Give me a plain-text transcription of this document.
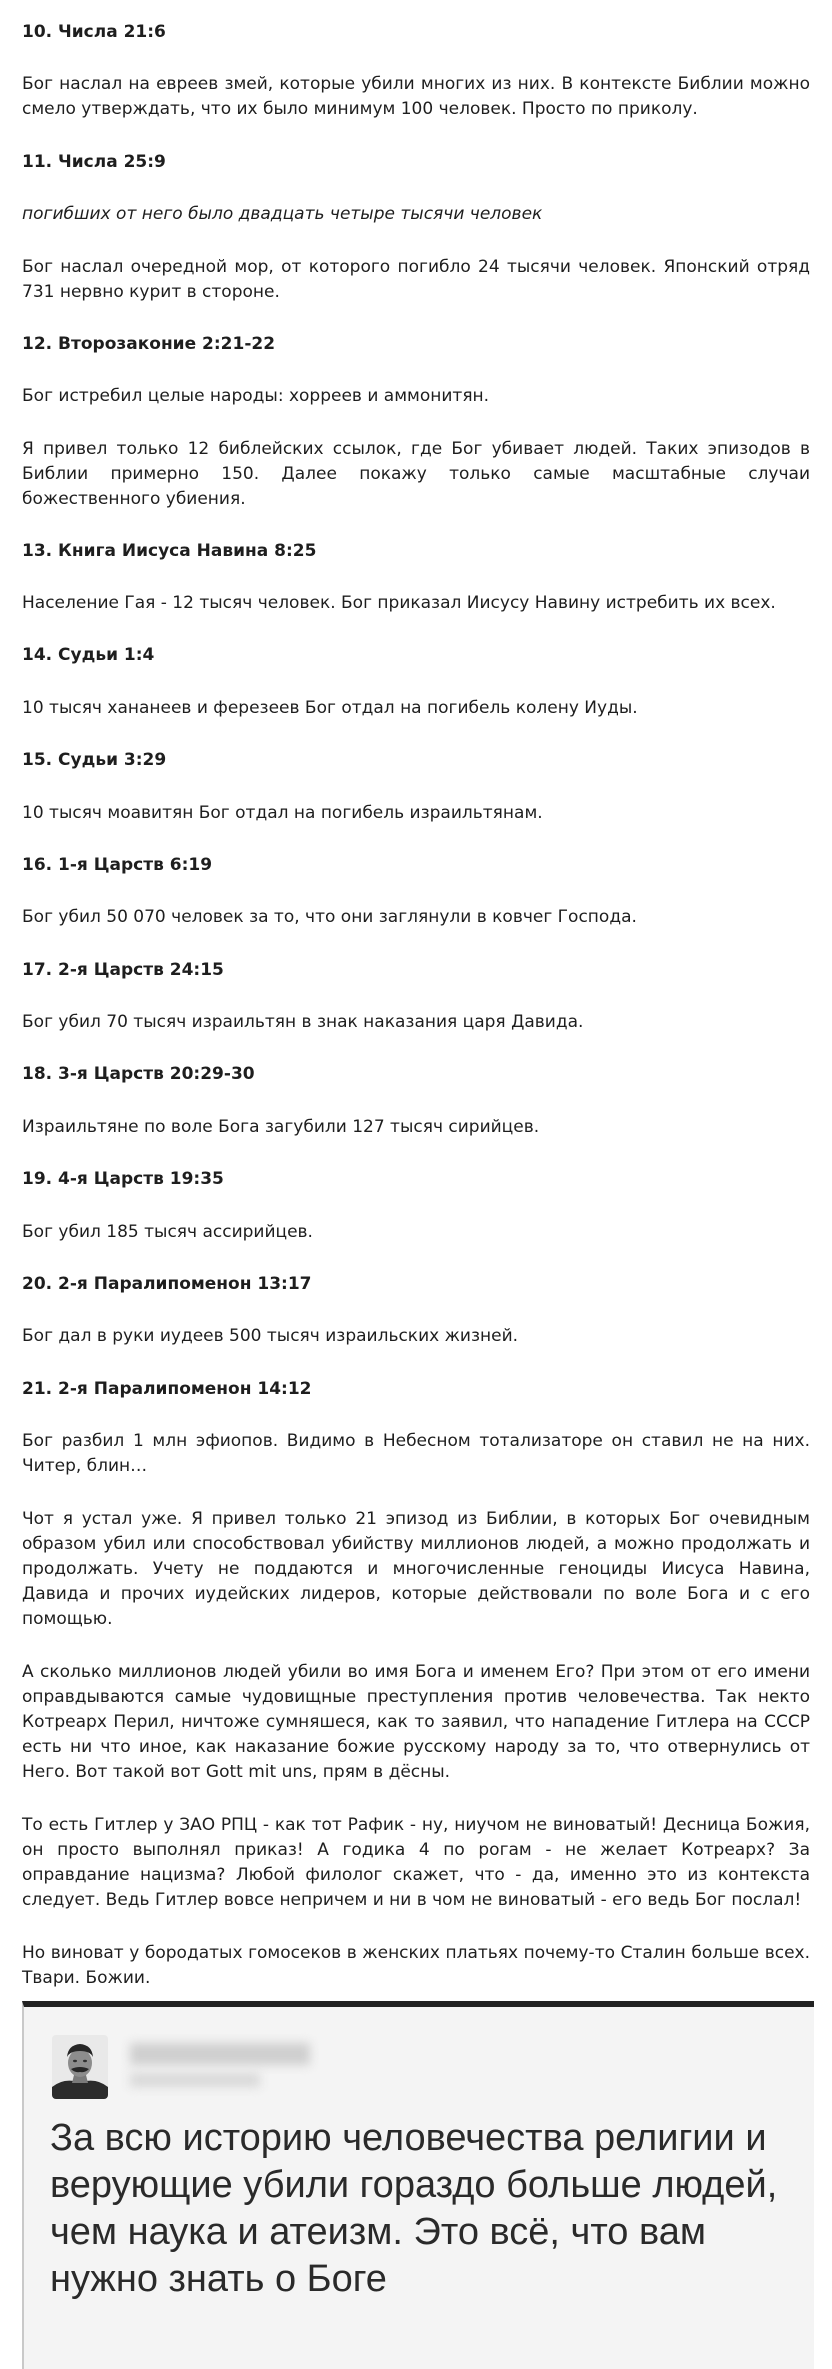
10. Числа 21:6

Бог наслал на евреев змей, которые убили многих из них. В контексте Библии можно смело утверждать, что их было минимум 100 человек. Просто по приколу.

11. Числа 25:9

погибших от него было двадцать четыре тысячи человек

Бог наслал очередной мор, от которого погибло 24 тысячи человек. Японский отряд 731 нервно курит в стороне.

12. Второзаконие 2:21-22

Бог истребил целые народы: хорреев и аммонитян.

Я привел только 12 библейских ссылок, где Бог убивает людей. Таких эпизодов в Библии примерно 150. Далее покажу только самые масштабные случаи божественного убиения.

13. Книга Иисуса Навина 8:25

Население Гая - 12 тысяч человек. Бог приказал Иисусу Навину истребить их всех.

14. Судьи 1:4

10 тысяч хананеев и ферезеев Бог отдал на погибель колену Иуды.

15. Судьи 3:29

10 тысяч моавитян Бог отдал на погибель израильтянам.

16. 1-я Царств 6:19

Бог убил 50 070 человек за то, что они заглянули в ковчег Господа.

17. 2-я Царств 24:15

Бог убил 70 тысяч израильтян в знак наказания царя Давида.

18. 3-я Царств 20:29-30

Израильтяне по воле Бога загубили 127 тысяч сирийцев.

19. 4-я Царств 19:35

Бог убил 185 тысяч ассирийцев.

20. 2-я Паралипоменон 13:17

Бог дал в руки иудеев 500 тысяч израильских жизней.

21. 2-я Паралипоменон 14:12

Бог разбил 1 млн эфиопов. Видимо в Небесном тотализаторе он ставил не на них. Читер, блин…

Чот я устал уже. Я привел только 21 эпизод из Библии, в которых Бог очевидным образом убил или способствовал убийству миллионов людей, а можно продолжать и продолжать. Учету не поддаются и многочисленные геноциды Иисуса Навина, Давида и прочих иудейских лидеров, которые действовали по воле Бога и с его помощью.

А сколько миллионов людей убили во имя Бога и именем Его? При этом от его имени оправдываются самые чудовищные преступления против человечества. Так некто Котреарх Перил, ничтоже сумняшеся, как то заявил, что нападение Гитлера на СССР есть ни что иное, как наказание божие русскому народу за то, что отвернулись от Него. Вот такой вот Gott mit uns, прям в дёсны.

То есть Гитлер у ЗАО РПЦ - как тот Рафик - ну, ниучом не виноватый! Десница Божия, он просто выполнял приказ! А годика 4 по рогам - не желает Котреарх? За оправдание нацизма? Любой филолог скажет, что - да, именно это из контекста следует. Ведь Гитлер вовсе непричем и ни в чом не виноватый - его ведь Бог послал!

Но виноват у бородатых гомосеков в женских платьях почему-то Сталин больше всех. Твари. Божии.

За всю историю человечества религии и верующие убили гораздо больше людей, чем наука и атеизм. Это всё, что вам нужно знать о Боге
